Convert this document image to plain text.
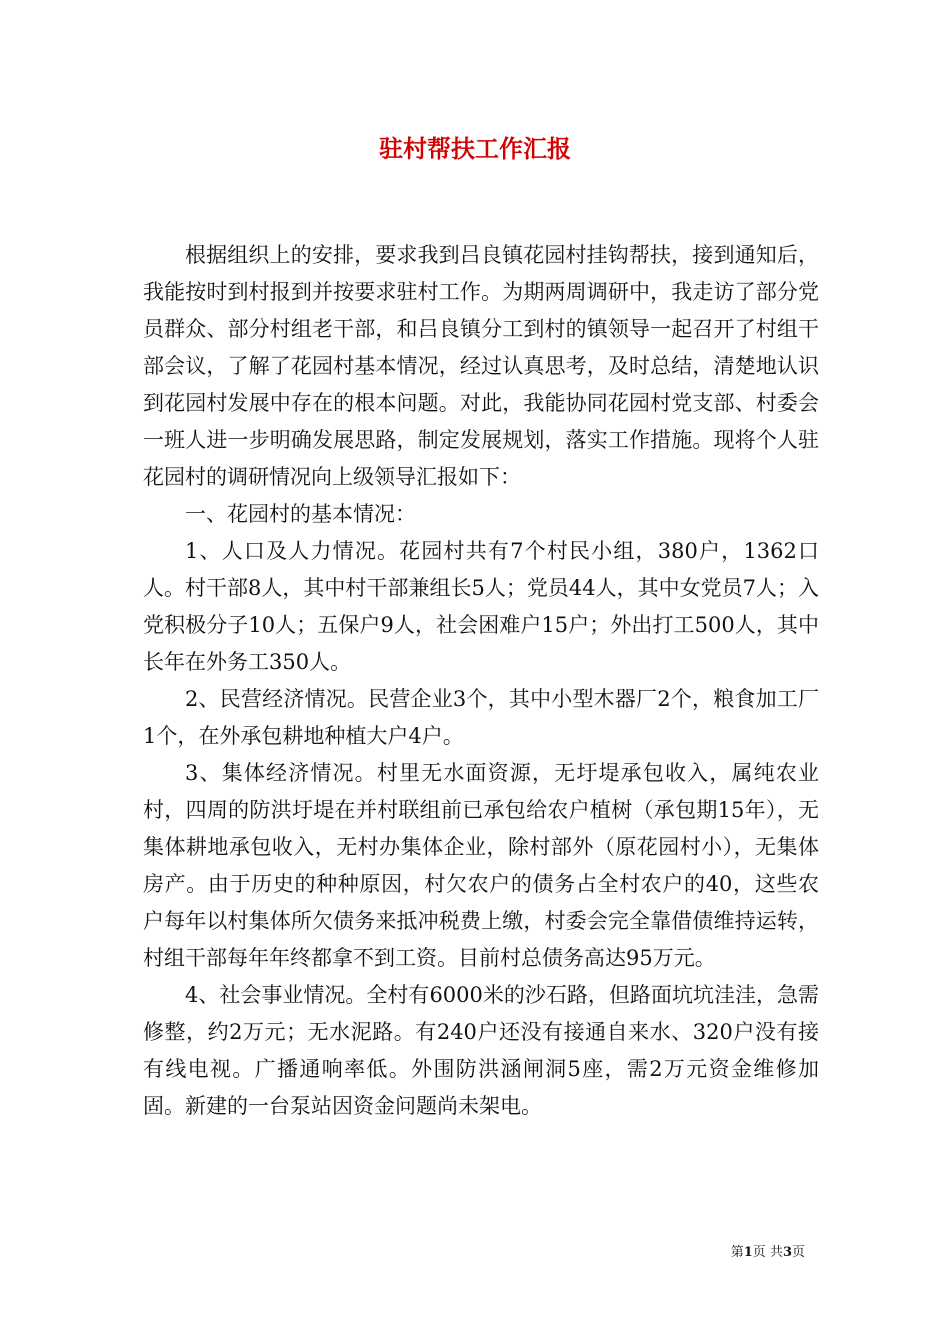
驻村帮扶工作汇报

根据组织上的安排，要求我到吕良镇花园村挂钩帮扶，接到通知后，我能按时到村报到并按要求驻村工作。为期两周调研中，我走访了部分党员群众、部分村组老干部，和吕良镇分工到村的镇领导一起召开了村组干部会议，了解了花园村基本情况，经过认真思考，及时总结，清楚地认识到花园村发展中存在的根本问题。对此，我能协同花园村党支部、村委会一班人进一步明确发展思路，制定发展规划，落实工作措施。现将个人驻花园村的调研情况向上级领导汇报如下：

一、花园村的基本情况：

1、人口及人力情况。花园村共有7个村民小组，380户，1362口人。村干部8人，其中村干部兼组长5人；党员44人，其中女党员7人；入党积极分子10人；五保户9人，社会困难户15户；外出打工500人，其中长年在外务工350人。

2、民营经济情况。民营企业3个，其中小型木器厂2个，粮食加工厂1个，在外承包耕地种植大户4户。

3、集体经济情况。村里无水面资源，无圩堤承包收入，属纯农业村，四周的防洪圩堤在并村联组前已承包给农户植树（承包期15年），无集体耕地承包收入，无村办集体企业，除村部外（原花园村小），无集体房产。由于历史的种种原因，村欠农户的债务占全村农户的40，这些农户每年以村集体所欠债务来抵冲税费上缴，村委会完全靠借债维持运转，村组干部每年年终都拿不到工资。目前村总债务高达95万元。

4、社会事业情况。全村有6000米的沙石路，但路面坑坑洼洼，急需修整，约2万元；无水泥路。有240户还没有接通自来水、320户没有接有线电视。广播通响率低。外围防洪涵闸洞5座，需2万元资金维修加固。新建的一台泵站因资金问题尚未架电。

第1页 共3页
